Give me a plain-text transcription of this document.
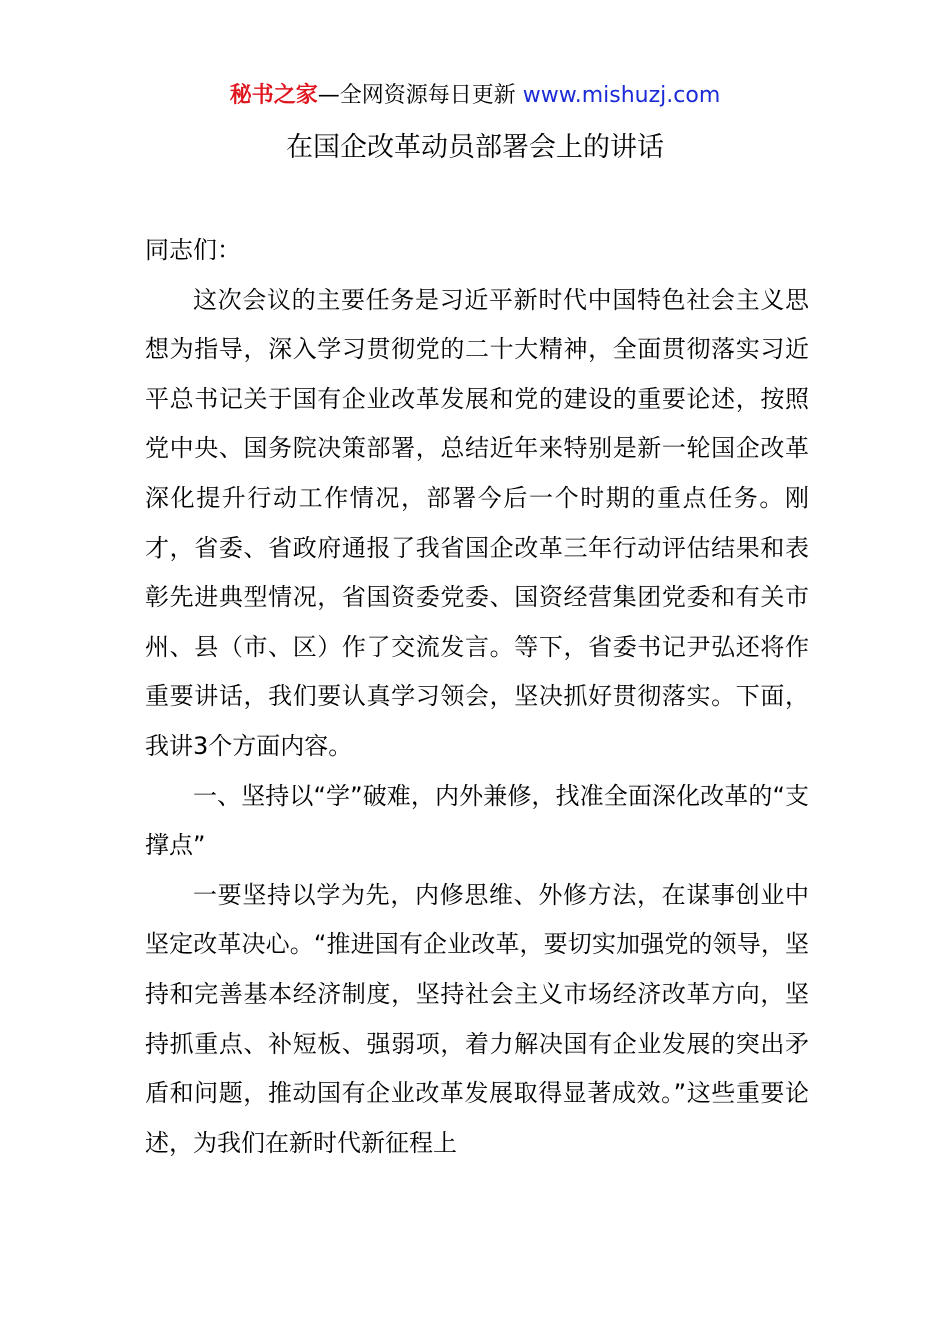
秘书之家—全网资源每日更新 www.mishuzj.com
在国企改革动员部署会上的讲话

同志们：

这次会议的主要任务是习近平新时代中国特色社会主义思想为指导，深入学习贯彻党的二十大精神，全面贯彻落实习近平总书记关于国有企业改革发展和党的建设的重要论述，按照党中央、国务院决策部署，总结近年来特别是新一轮国企改革深化提升行动工作情况，部署今后一个时期的重点任务。刚才，省委、省政府通报了我省国企改革三年行动评估结果和表彰先进典型情况，省国资委党委、国资经营集团党委和有关市州、县（市、区）作了交流发言。等下，省委书记尹弘还将作重要讲话，我们要认真学习领会，坚决抓好贯彻落实。下面，我讲3个方面内容。

一、坚持以“学”破难，内外兼修，找准全面深化改革的“支撑点”

一要坚持以学为先，内修思维、外修方法，在谋事创业中坚定改革决心。“推进国有企业改革，要切实加强党的领导，坚持和完善基本经济制度，坚持社会主义市场经济改革方向，坚持抓重点、补短板、强弱项，着力解决国有企业发展的突出矛盾和问题，推动国有企业改革发展取得显著成效。”这些重要论述，为我们在新时代新征程上
